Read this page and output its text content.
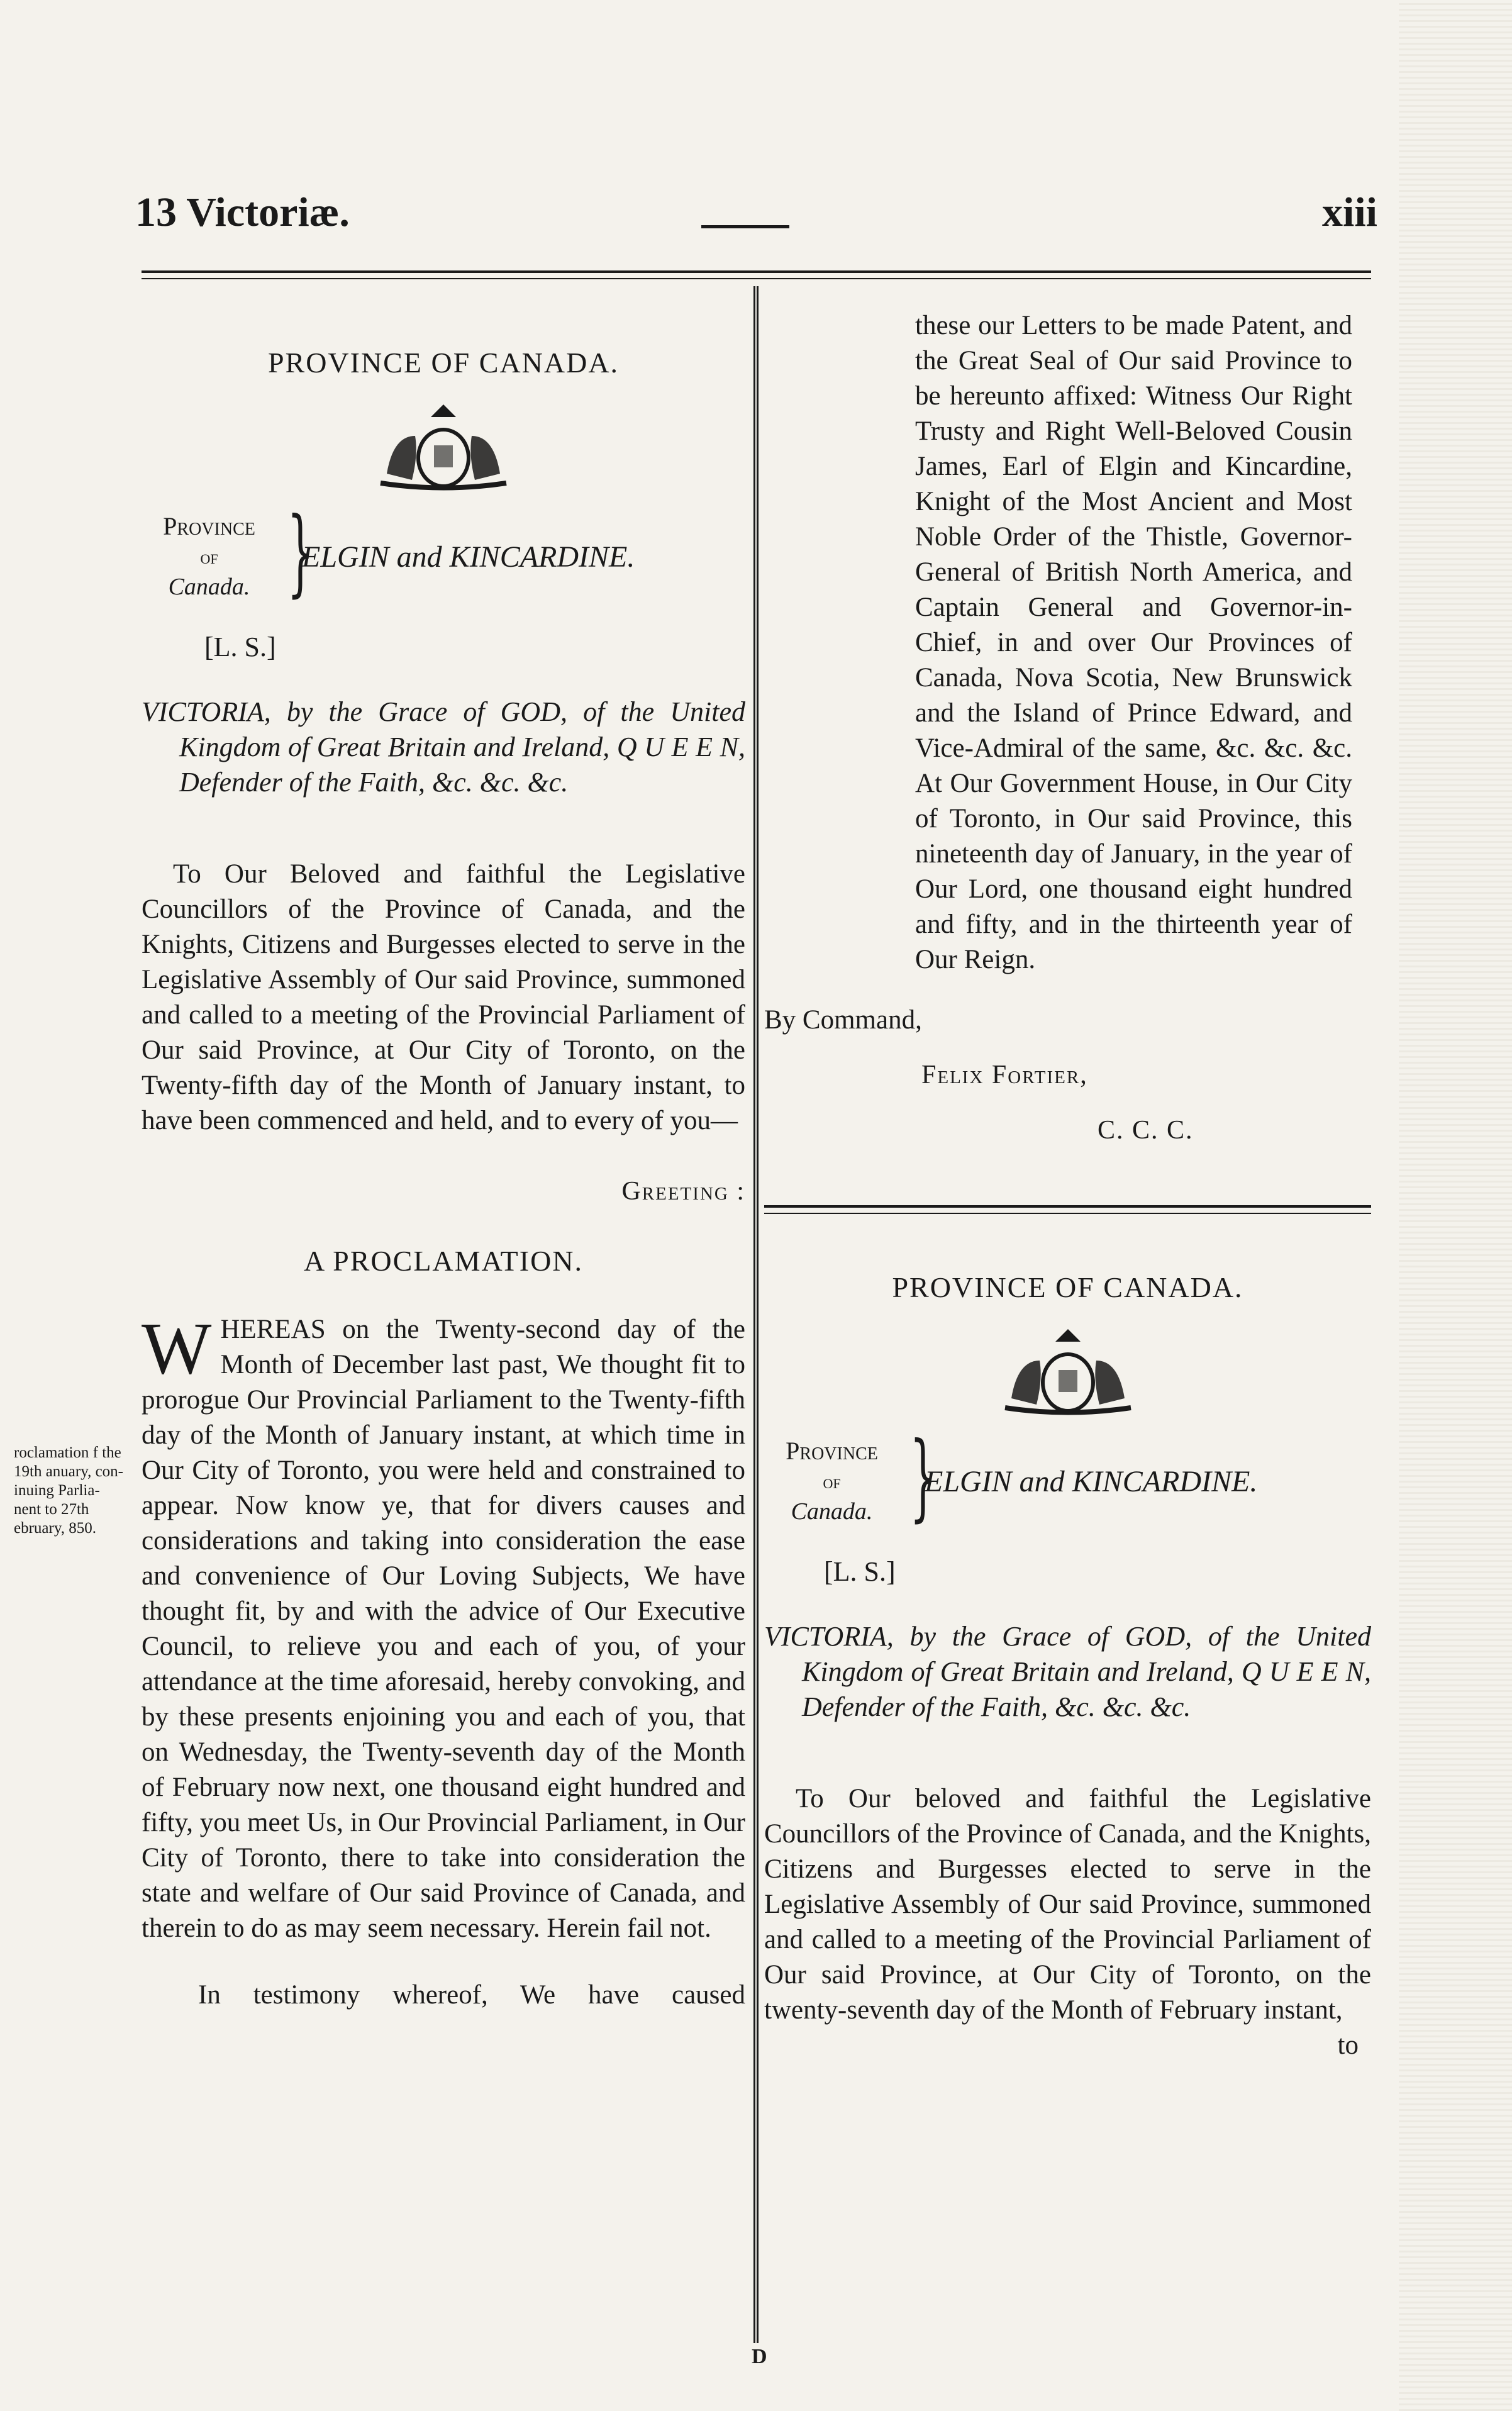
13 Victoriæ.	xiii

PROVINCE OF CANADA.

Province
of
Canada. }
ELGIN and KINCARDINE.

[L. S.]

VICTORIA, by the Grace of GOD, of the United Kingdom of Great Britain and Ireland, Q U E E N, Defender of the Faith, &c. &c. &c.

To Our Beloved and faithful the Legislative Councillors of the Province of Canada, and the Knights, Citizens and Burgesses elected to serve in the Legislative Assembly of Our said Province, summoned and called to a meeting of the Provincial Parliament of Our said Province, at Our City of Toronto, on the Twenty-fifth day of the Month of January instant, to have been commenced and held, and to every of you—

Greeting :

A PROCLAMATION.

W HEREAS on the Twenty-second day of the Month of December last past, We thought fit to prorogue Our Provincial Parliament to the Twenty-fifth day of the Month of January instant, at which time in Our City of Toronto, you were held and constrained to appear. Now know ye, that for divers causes and considerations and taking into consideration the ease and convenience of Our Loving Subjects, We have thought fit, by and with the advice of Our Executive Council, to relieve you and each of you, of your attendance at the time aforesaid, hereby convoking, and by these presents enjoining you and each of you, that on Wednesday, the Twenty-seventh day of the Month of February now next, one thousand eight hundred and fifty, you meet Us, in Our Provincial Parliament, in Our City of Toronto, there to take into consideration the state and welfare of Our said Province of Canada, and therein to do as may seem necessary. Herein fail not.

In testimony whereof, We have caused

roclamation f the 19th anuary, con- inuing Parlia- nent to 27th ebruary, 850.

these our Letters to be made Patent, and the Great Seal of Our said Province to be hereunto affixed: Witness Our Right Trusty and Right Well-Beloved Cousin James, Earl of Elgin and Kincardine, Knight of the Most Ancient and Most Noble Order of the Thistle, Governor-General of British North America, and Captain General and Governor-in-Chief, in and over Our Provinces of Canada, Nova Scotia, New Brunswick and the Island of Prince Edward, and Vice-Admiral of the same, &c. &c. &c. At Our Government House, in Our City of Toronto, in Our said Province, this nineteenth day of January, in the year of Our Lord, one thousand eight hundred and fifty, and in the thirteenth year of Our Reign.

By Command,

Felix Fortier,

C. C. C.

PROVINCE OF CANADA.

Province
of
Canada. }
ELGIN and KINCARDINE.

[L. S.]

VICTORIA, by the Grace of GOD, of the United Kingdom of Great Britain and Ireland, Q U E E N, Defender of the Faith, &c. &c. &c.

To Our beloved and faithful the Legislative Councillors of the Province of Canada, and the Knights, Citizens and Burgesses elected to serve in the Legislative Assembly of Our said Province, summoned and called to a meeting of the Provincial Parliament of Our said Province, at Our City of Toronto, on the twenty-seventh day of the Month of February instant,

to

D
